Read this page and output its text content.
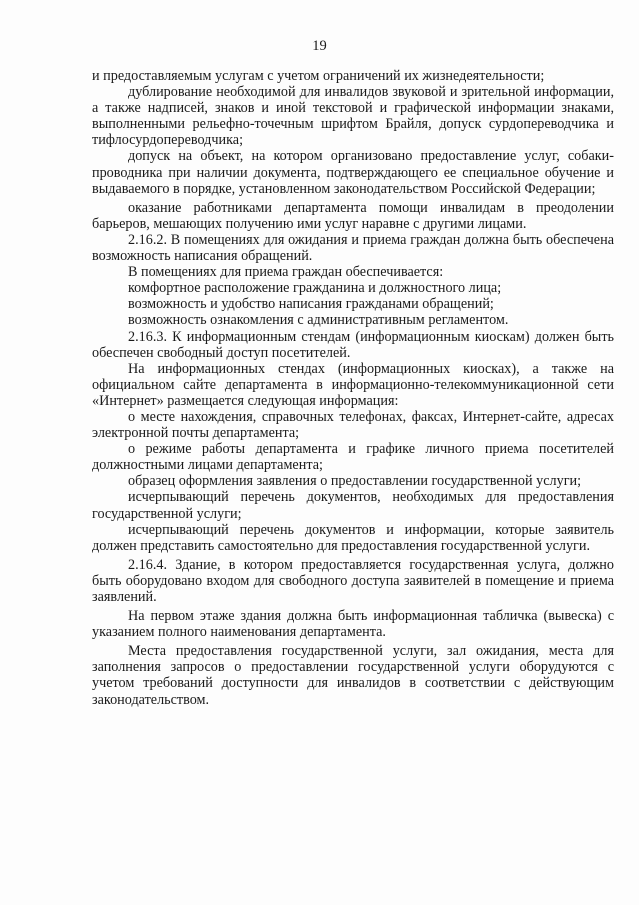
19

и предоставляемым услугам с учетом ограничений их жизнедеятельности;

дублирование необходимой для инвалидов звуковой и зрительной информации, а также надписей, знаков и иной текстовой и графической информации знаками, выполненными рельефно-точечным шрифтом Брайля, допуск сурдопереводчика и тифлосурдопереводчика;

допуск на объект, на котором организовано предоставление услуг, собаки-проводника при наличии документа, подтверждающего ее специальное обучение и выдаваемого в порядке, установленном законодательством Российской Федерации;

оказание работниками департамента помощи инвалидам в преодолении барьеров, мешающих получению ими услуг наравне с другими лицами.

2.16.2. В помещениях для ожидания и приема граждан должна быть обеспечена возможность написания обращений.

В помещениях для приема граждан обеспечивается:

комфортное расположение гражданина и должностного лица;

возможность и удобство написания гражданами обращений;

возможность ознакомления с административным регламентом.

2.16.3. К информационным стендам (информационным киоскам) должен быть обеспечен свободный доступ посетителей.

На информационных стендах (информационных киосках), а также на официальном сайте департамента в информационно-телекоммуникационной сети «Интернет» размещается следующая информация:

о месте нахождения, справочных телефонах, факсах, Интернет-сайте, адресах электронной почты департамента;

о режиме работы департамента и графике личного приема посетителей должностными лицами департамента;

образец оформления заявления о предоставлении государственной услуги;

исчерпывающий перечень документов, необходимых для предоставления государственной услуги;

исчерпывающий перечень документов и информации, которые заявитель должен представить самостоятельно для предоставления государственной услуги.

2.16.4. Здание, в котором предоставляется государственная услуга, должно быть оборудовано входом для свободного доступа заявителей в помещение и приема заявлений.

На первом этаже здания должна быть информационная табличка (вывеска) с указанием полного наименования департамента.

Места предоставления государственной услуги, зал ожидания, места для заполнения запросов о предоставлении государственной услуги оборудуются с учетом требований доступности для инвалидов в соответствии с действующим законодательством.
